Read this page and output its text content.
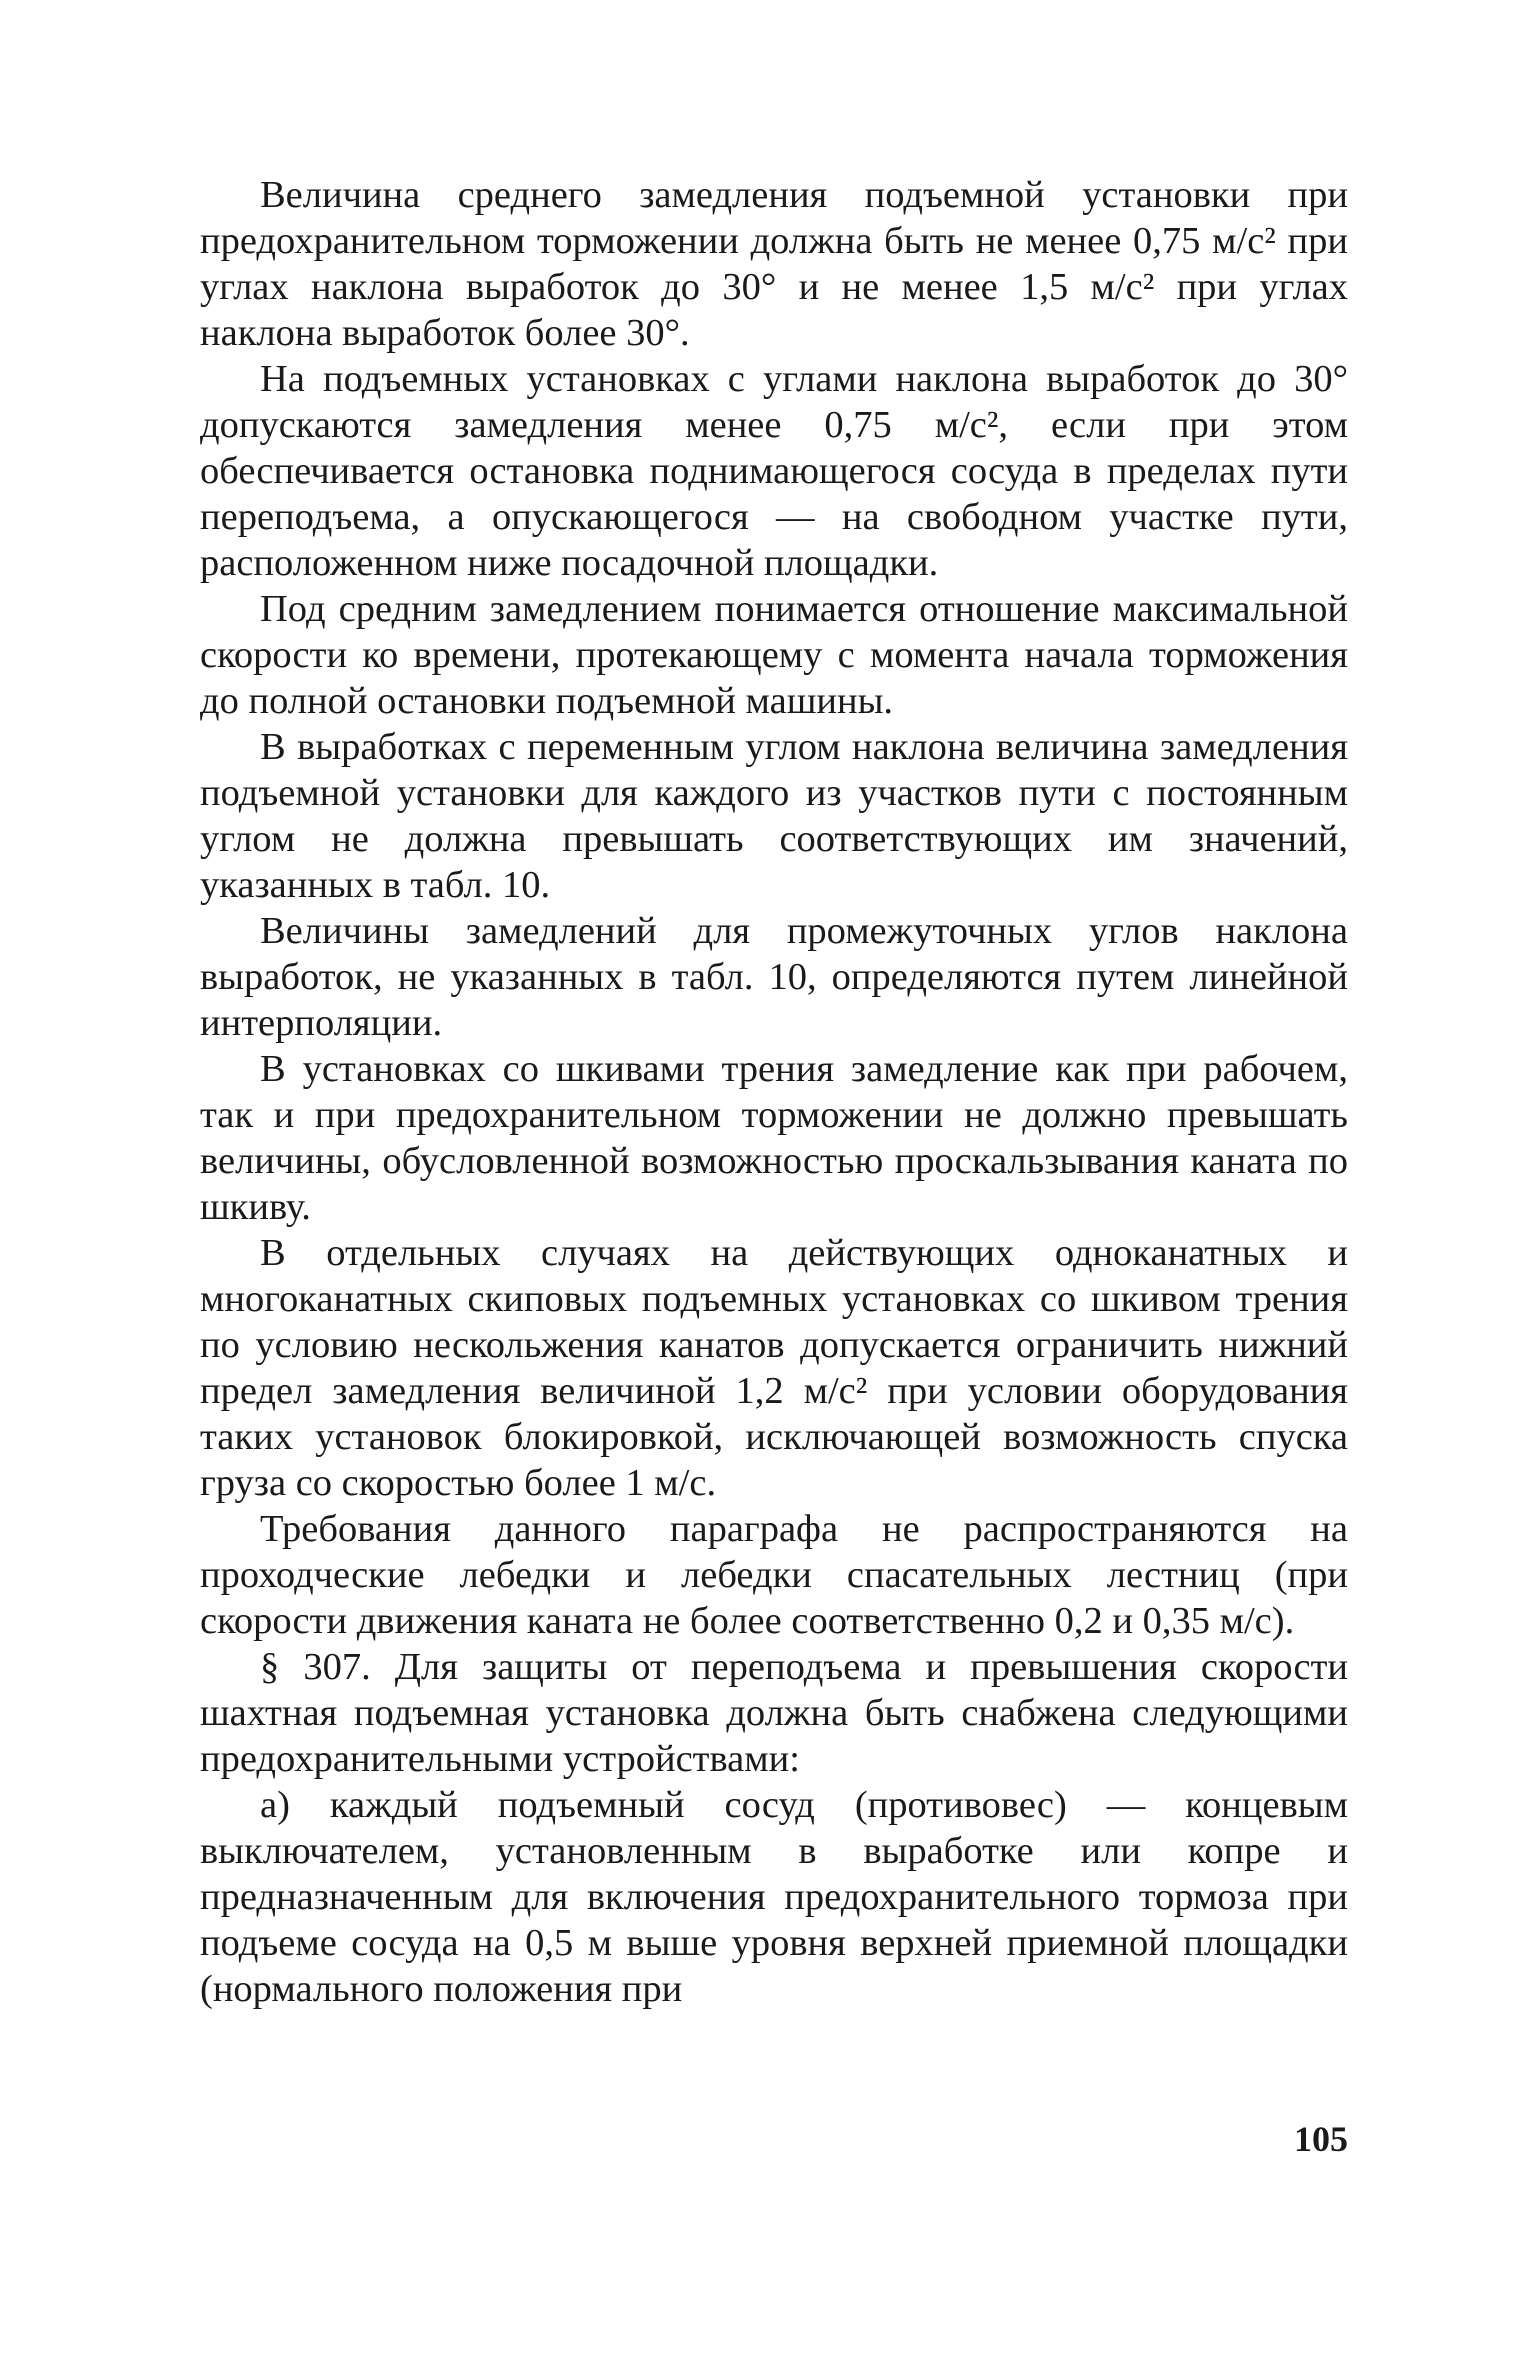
Величина среднего замедления подъемной установки при предохранительном торможении должна быть не менее 0,75 м/с² при углах наклона выработок до 30° и не менее 1,5 м/с² при углах наклона выработок более 30°.

На подъемных установках с углами наклона выработок до 30° допускаются замедления менее 0,75 м/с², если при этом обеспечивается остановка поднимающегося сосуда в пределах пути переподъема, а опускающегося — на свободном участке пути, расположенном ниже посадочной площадки.

Под средним замедлением понимается отношение максимальной скорости ко времени, протекающему с момента начала торможения до полной остановки подъемной машины.

В выработках с переменным углом наклона величина замедления подъемной установки для каждого из участков пути с постоянным углом не должна превышать соответствующих им значений, указанных в табл. 10.

Величины замедлений для промежуточных углов наклона выработок, не указанных в табл. 10, определяются путем линейной интерполяции.

В установках со шкивами трения замедление как при рабочем, так и при предохранительном торможении не должно превышать величины, обусловленной возможностью проскальзывания каната по шкиву.

В отдельных случаях на действующих одноканатных и многоканатных скиповых подъемных установках со шкивом трения по условию нескольжения канатов допускается ограничить нижний предел замедления величиной 1,2 м/с² при условии оборудования таких установок блокировкой, исключающей возможность спуска груза со скоростью более 1 м/с.

Требования данного параграфа не распространяются на проходческие лебедки и лебедки спасательных лестниц (при скорости движения каната не более соответственно 0,2 и 0,35 м/с).

§ 307. Для защиты от переподъема и превышения скорости шахтная подъемная установка должна быть снабжена следующими предохранительными устройствами:

а) каждый подъемный сосуд (противовес) — концевым выключателем, установленным в выработке или копре и предназначенным для включения предохранительного тормоза при подъеме сосуда на 0,5 м выше уровня верхней приемной площадки (нормального положения при

105
